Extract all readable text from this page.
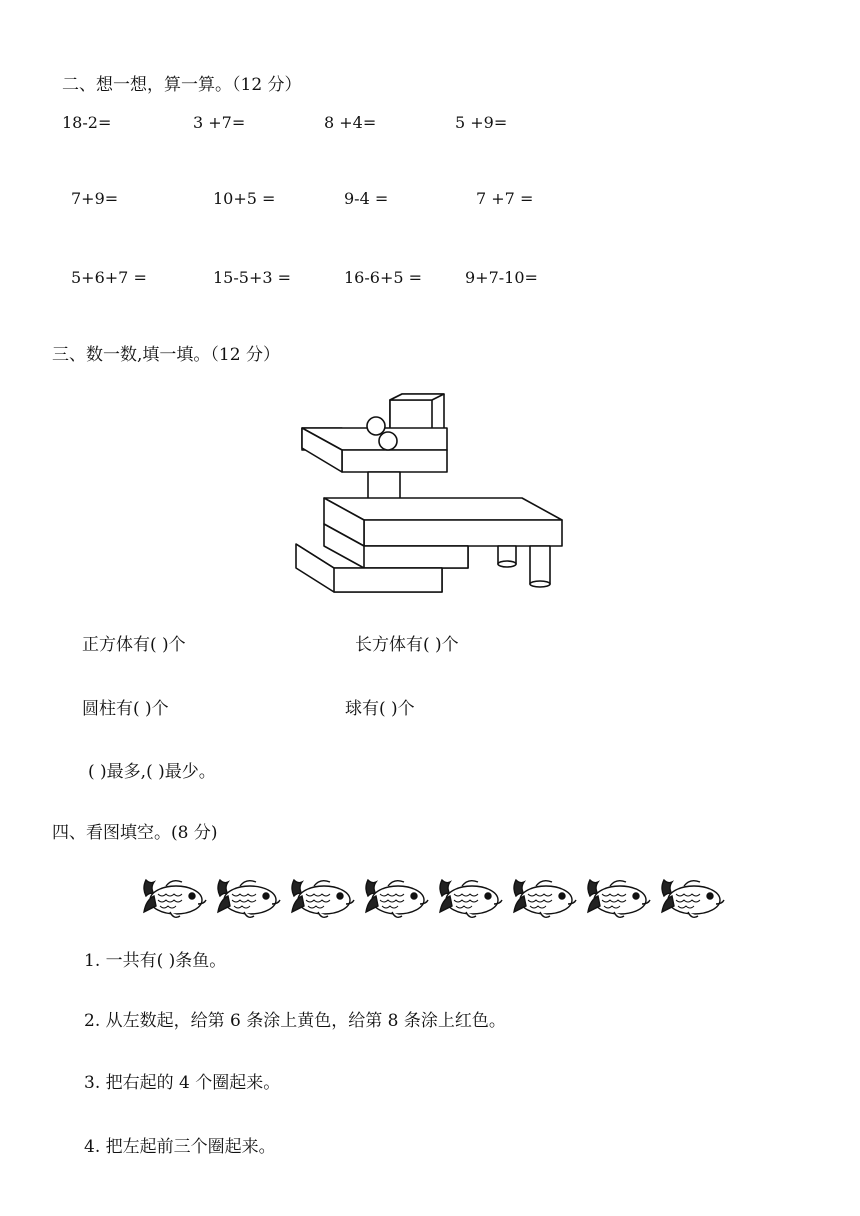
二、想一想，算一算。（12 分）
18-2=	3 +7=	8 +4=	5 +9=
7+9=	10+5 =	9-4 =	7 +7 =
5+6+7 =	15-5+3 =	16-6+5 =	9+7-10=
三、数一数,填一填。（12 分）
正方体有( )个	长方体有( )个
圆柱有( )个	球有( )个
( )最多,( )最少。
四、看图填空。(8 分)
1. 一共有( )条鱼。
2. 从左数起，给第 6 条涂上黄色，给第 8 条涂上红色。
3. 把右起的 4 个圈起来。
4. 把左起前三个圈起来。
